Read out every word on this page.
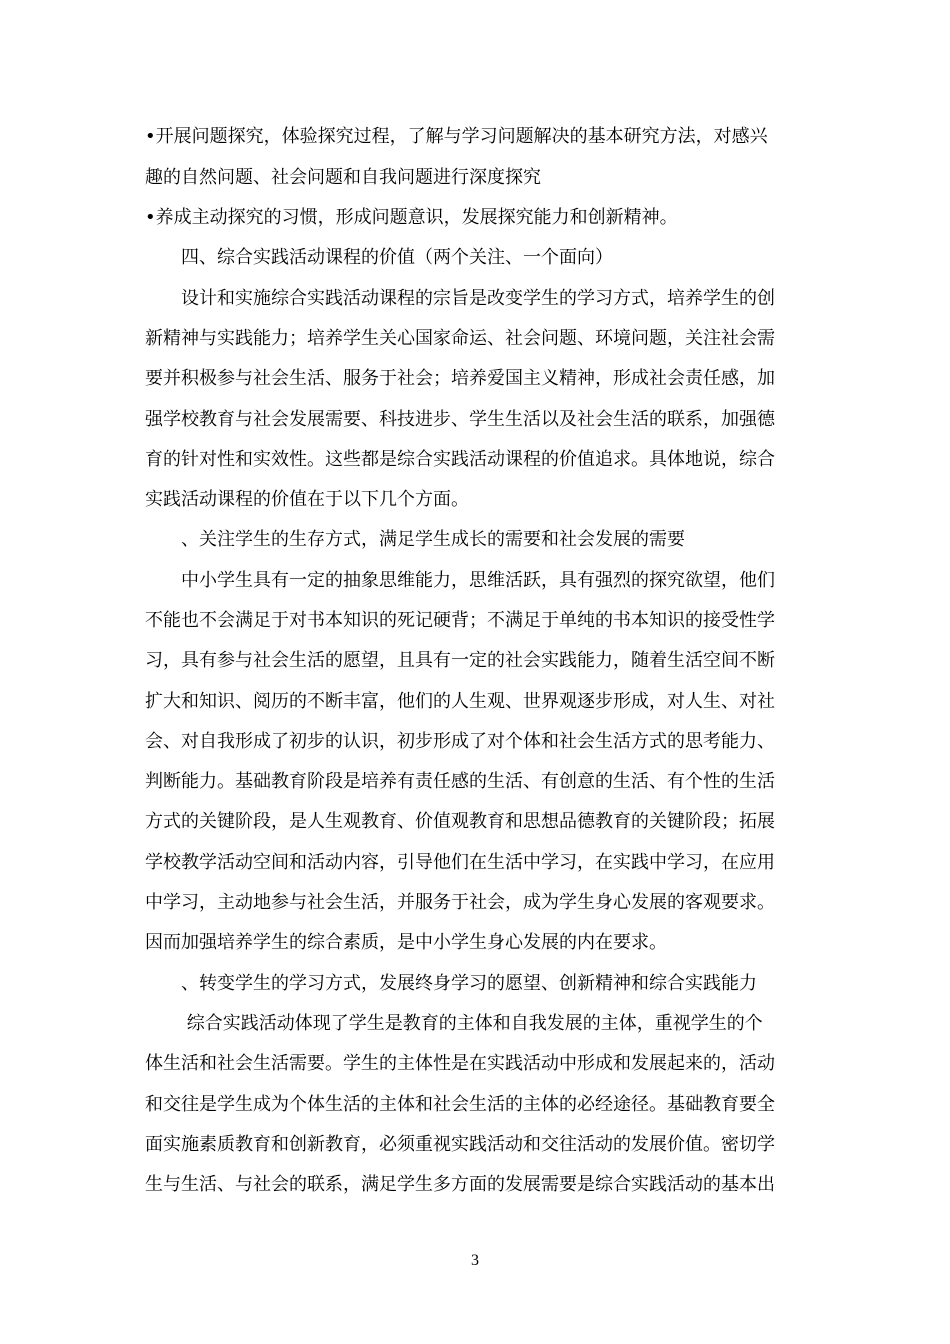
•开展问题探究，体验探究过程，了解与学习问题解决的基本研究方法，对感兴
趣的自然问题、社会问题和自我问题进行深度探究
•养成主动探究的习惯，形成问题意识，发展探究能力和创新精神。
　　四、综合实践活动课程的价值（两个关注、一个面向）
　　设计和实施综合实践活动课程的宗旨是改变学生的学习方式，培养学生的创
新精神与实践能力；培养学生关心国家命运、社会问题、环境问题，关注社会需
要并积极参与社会生活、服务于社会；培养爱国主义精神，形成社会责任感，加
强学校教育与社会发展需要、科技进步、学生生活以及社会生活的联系，加强德
育的针对性和实效性。这些都是综合实践活动课程的价值追求。具体地说，综合
实践活动课程的价值在于以下几个方面。
　　、关注学生的生存方式，满足学生成长的需要和社会发展的需要
　　中小学生具有一定的抽象思维能力，思维活跃，具有强烈的探究欲望，他们
不能也不会满足于对书本知识的死记硬背；不满足于单纯的书本知识的接受性学
习，具有参与社会生活的愿望，且具有一定的社会实践能力，随着生活空间不断
扩大和知识、阅历的不断丰富，他们的人生观、世界观逐步形成，对人生、对社
会、对自我形成了初步的认识，初步形成了对个体和社会生活方式的思考能力、
判断能力。基础教育阶段是培养有责任感的生活、有创意的生活、有个性的生活
方式的关键阶段，是人生观教育、价值观教育和思想品德教育的关键阶段；拓展
学校教学活动空间和活动内容，引导他们在生活中学习，在实践中学习，在应用
中学习，主动地参与社会生活，并服务于社会，成为学生身心发展的客观要求。
因而加强培养学生的综合素质，是中小学生身心发展的内在要求。
　　、转变学生的学习方式，发展终身学习的愿望、创新精神和综合实践能力
　　 综合实践活动体现了学生是教育的主体和自我发展的主体，重视学生的个
体生活和社会生活需要。学生的主体性是在实践活动中形成和发展起来的，活动
和交往是学生成为个体生活的主体和社会生活的主体的必经途径。基础教育要全
面实施素质教育和创新教育，必须重视实践活动和交往活动的发展价值。密切学
生与生活、与社会的联系，满足学生多方面的发展需要是综合实践活动的基本出
3
